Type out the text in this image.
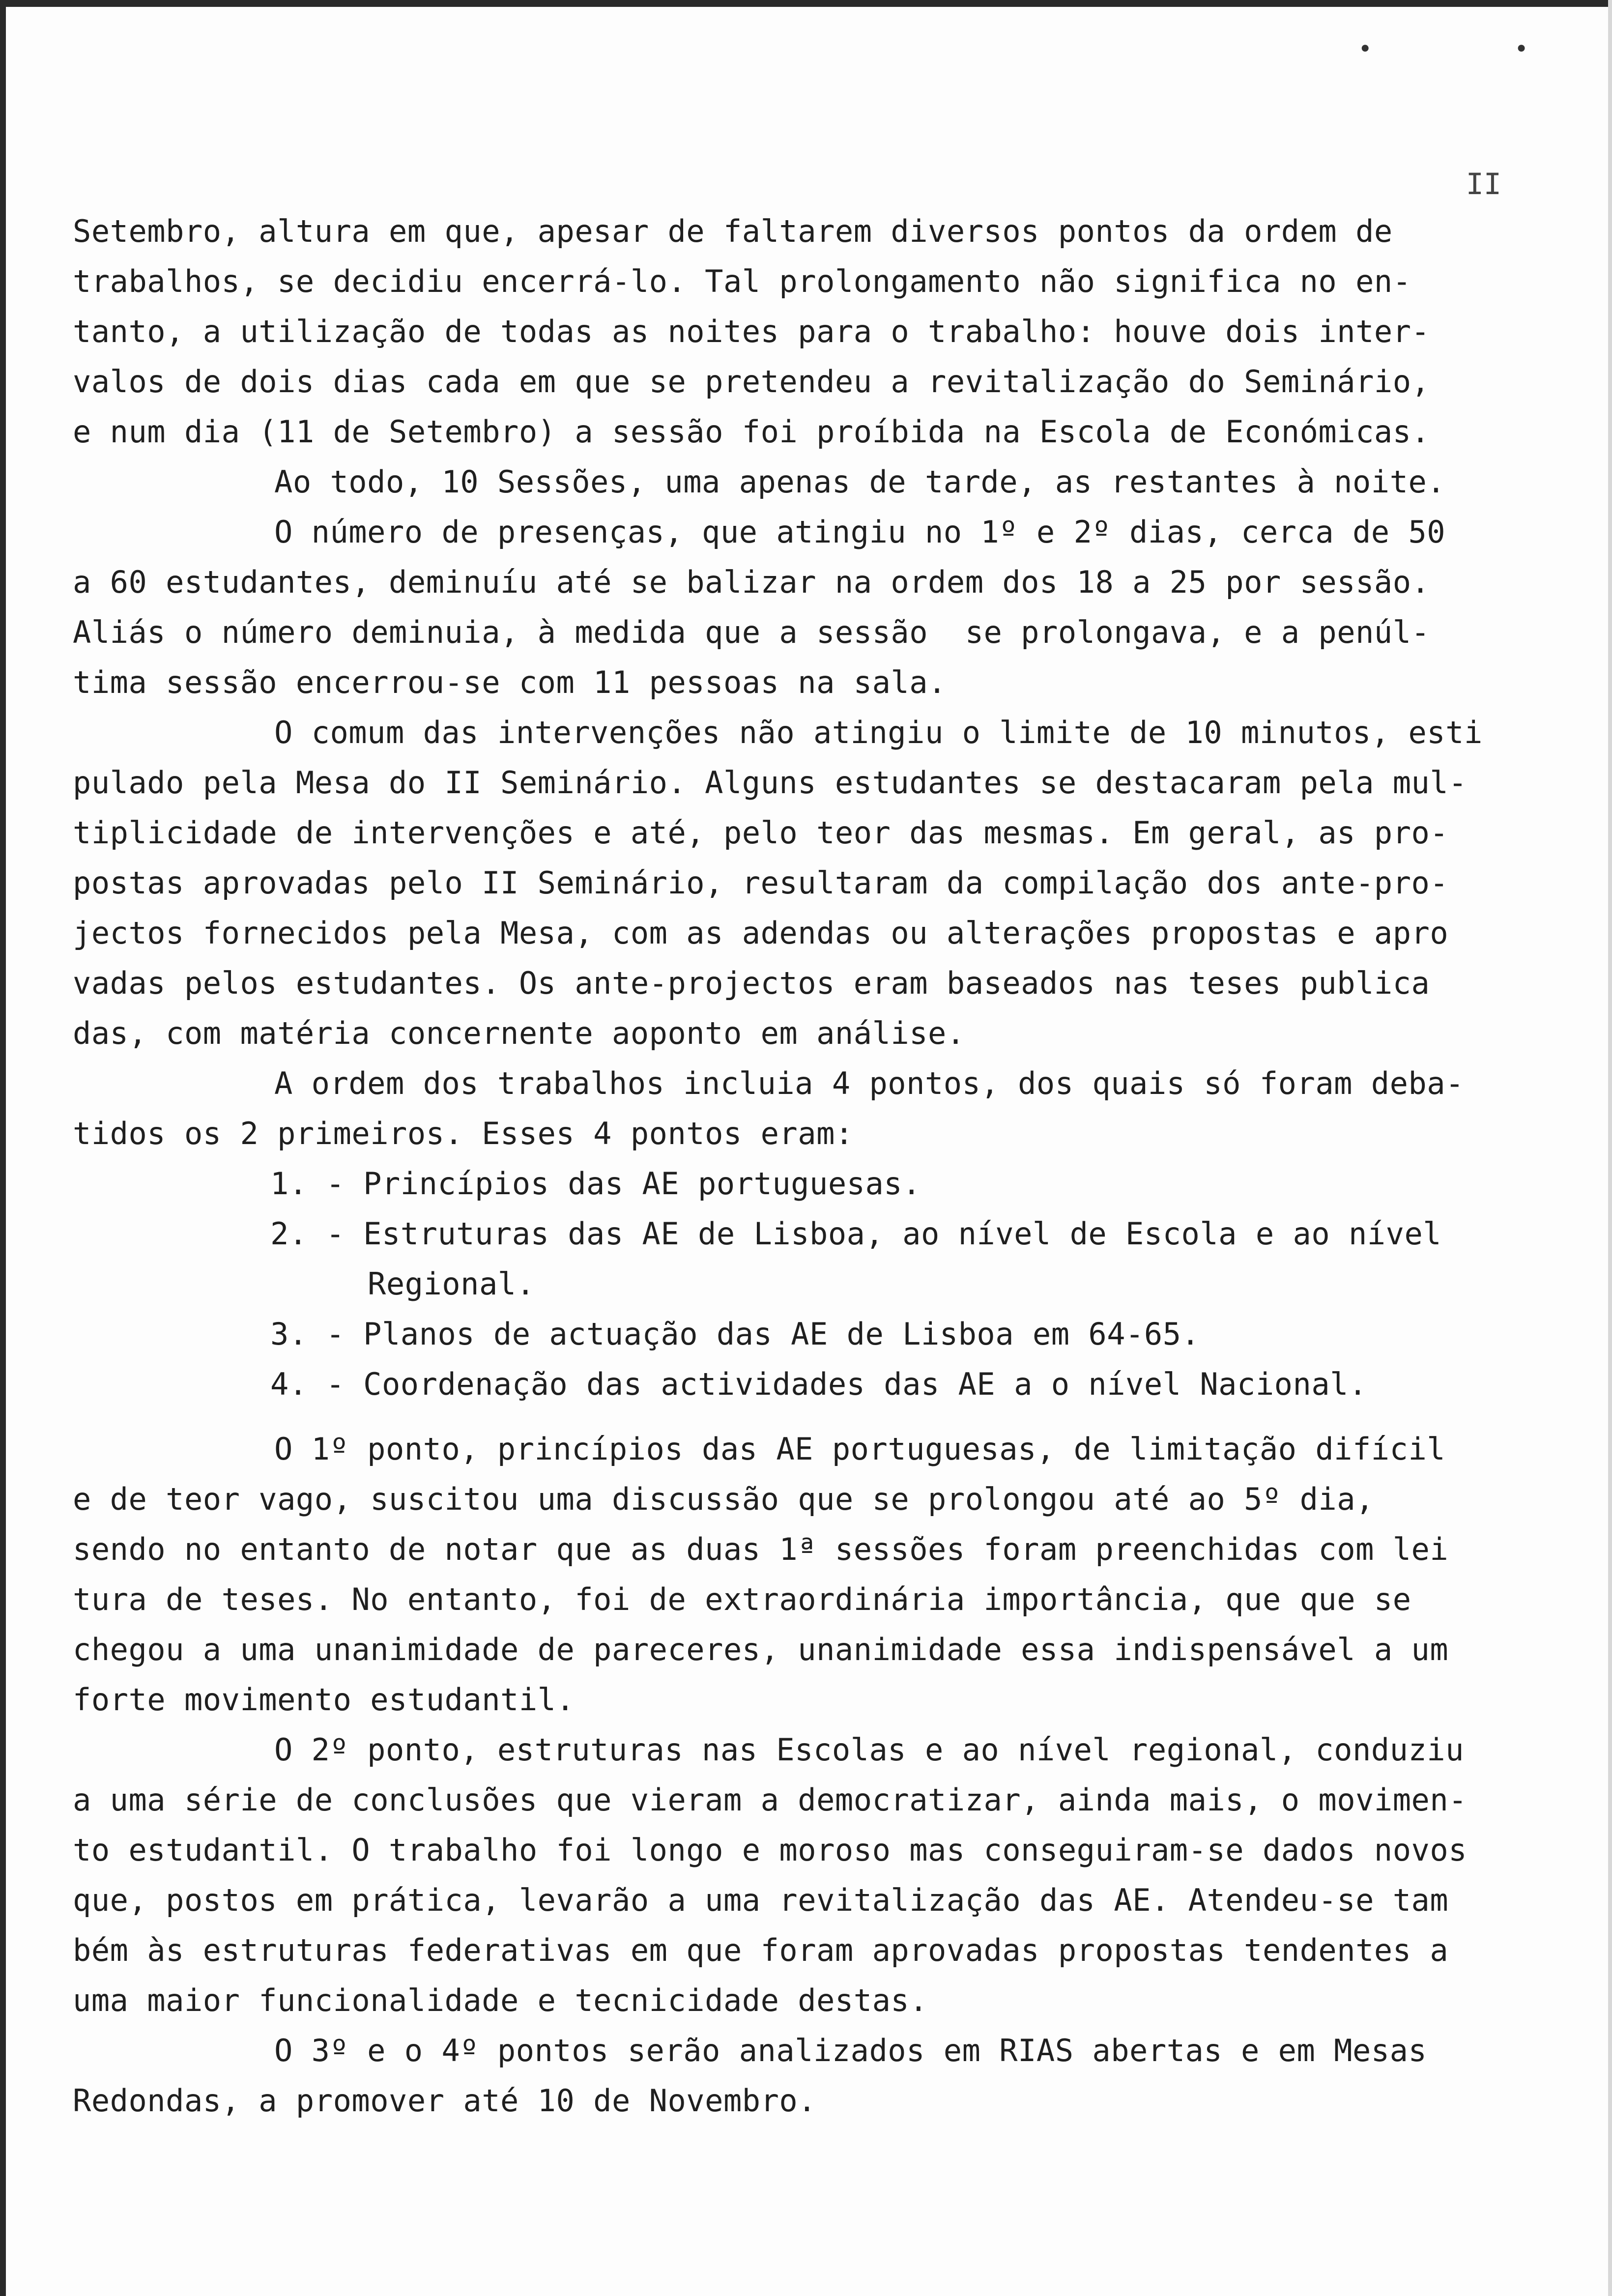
• •
II
Setembro, altura em que, apesar de faltarem diversos pontos da ordem de
trabalhos, se decidiu encerrá-lo. Tal prolongamento não significa no en-
tanto, a utilização de todas as noites para o trabalho: houve dois inter-
valos de dois dias cada em que se pretendeu a revitalização do Seminário,
e num dia (11 de Setembro) a sessão foi proíbida na Escola de Económicas.
Ao todo, 10 Sessões, uma apenas de tarde, as restantes à noite.
O número de presenças, que atingiu no 1º e 2º dias, cerca de 50
a 60 estudantes, deminuíu até se balizar na ordem dos 18 a 25 por sessão.
Aliás o número deminuia, à medida que a sessão  se prolongava, e a penúl-
tima sessão encerrou-se com 11 pessoas na sala.
O comum das intervenções não atingiu o limite de 10 minutos, esti
pulado pela Mesa do II Seminário. Alguns estudantes se destacaram pela mul-
tiplicidade de intervenções e até, pelo teor das mesmas. Em geral, as pro-
postas aprovadas pelo II Seminário, resultaram da compilação dos ante-pro-
jectos fornecidos pela Mesa, com as adendas ou alterações propostas e apro
vadas pelos estudantes. Os ante-projectos eram baseados nas teses publica
das, com matéria concernente aoponto em análise.
A ordem dos trabalhos incluia 4 pontos, dos quais só foram deba-
tidos os 2 primeiros. Esses 4 pontos eram:
1. - Princípios das AE portuguesas.
2. - Estruturas das AE de Lisboa, ao nível de Escola e ao nível
Regional.
3. - Planos de actuação das AE de Lisboa em 64-65.
4. - Coordenação das actividades das AE a o nível Nacional.
O 1º ponto, princípios das AE portuguesas, de limitação difícil
e de teor vago, suscitou uma discussão que se prolongou até ao 5º dia,
sendo no entanto de notar que as duas 1ª sessões foram preenchidas com lei
tura de teses. No entanto, foi de extraordinária importância, que que se
chegou a uma unanimidade de pareceres, unanimidade essa indispensável a um
forte movimento estudantil.
O 2º ponto, estruturas nas Escolas e ao nível regional, conduziu
a uma série de conclusões que vieram a democratizar, ainda mais, o movimen-
to estudantil. O trabalho foi longo e moroso mas conseguiram-se dados novos
que, postos em prática, levarão a uma revitalização das AE. Atendeu-se tam
bém às estruturas federativas em que foram aprovadas propostas tendentes a
uma maior funcionalidade e tecnicidade destas.
O 3º e o 4º pontos serão analizados em RIAS abertas e em Mesas
Redondas, a promover até 10 de Novembro.
